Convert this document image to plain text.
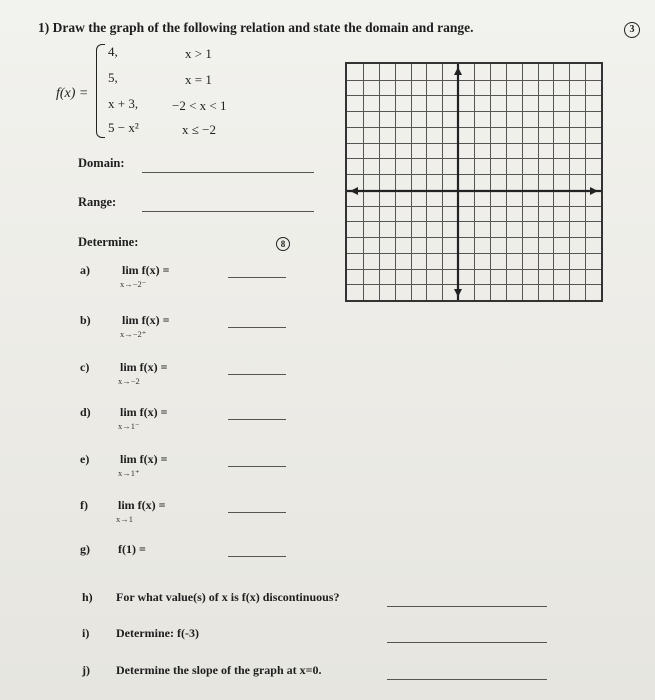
1) Draw the graph of the following relation and state the domain and range.	3
f(x) =
4,	x > 1
5,	x = 1
x + 3,	−2 < x < 1
5 − x²	x ≤ −2
Domain:
Range:
Determine:	8
a)	lim f(x) =
x→−2⁻
b)	lim f(x) =
x→−2⁺
c)	lim f(x) =
x→−2
d) lim f(x) =
x→1⁻
e)	lim f(x) =
x→1⁺
f)	lim f(x) =
x→1
g) f(1) =
h) For what value(s) of x is f(x) discontinuous?
i) Determine: f(-3)
j) Determine the slope of the graph at x=0.
